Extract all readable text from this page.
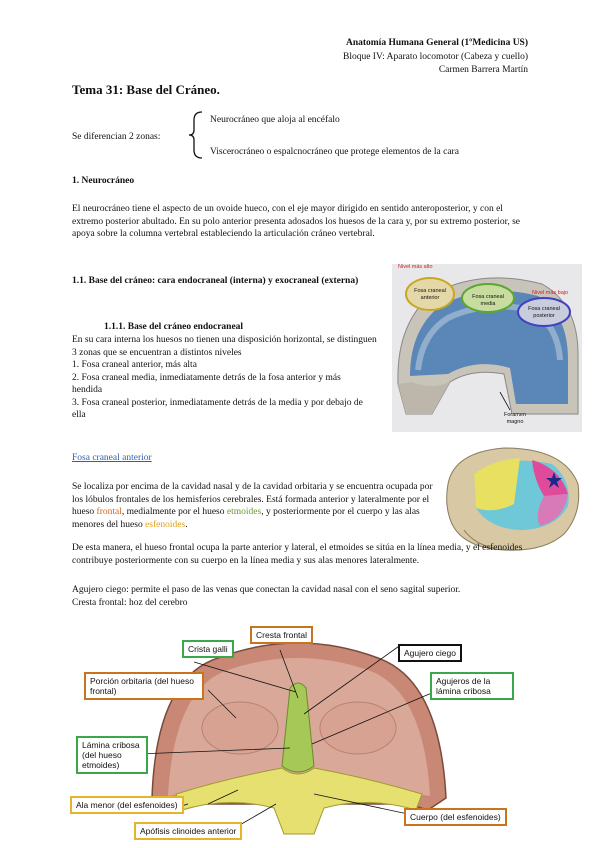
Anatomía Humana General (1ºMedicina US)
Bloque IV: Aparato locomotor (Cabeza y cuello)
Carmen Barrera Martín
Tema 31: Base del Cráneo.
Se diferencian 2 zonas:
Neurocráneo que aloja al encéfalo
Viscerocráneo o espalcnocráneo que protege elementos de la cara
1. Neurocráneo
El neurocráneo tiene el aspecto de un ovoide hueco, con el eje mayor dirigido en sentido anteroposterior, y con el extremo posterior abultado. En su polo anterior presenta adosados los huesos de la cara y, por su extremo posterior, se apoya sobre la columna vertebral estableciendo la articulación cráneo vertebral.
1.1. Base del cráneo: cara endocraneal (interna) y exocraneal (externa)
1.1.1. Base del cráneo endocraneal
En su cara interna los huesos no tienen una disposición horizontal, se distinguen 3 zonas que se encuentran a distintos niveles
1. Fosa craneal anterior, más alta
2. Fosa craneal media, inmediatamente detrás de la fosa anterior y más hendida
3. Fosa craneal posterior, inmediatamente detrás de la media y por debajo de ella
Nivel más alto
Nivel más bajo
Fosa craneal anterior	Fosa craneal media
Fosa craneal posterior
Foramen magno
Fosa craneal anterior
Se localiza por encima de la cavidad nasal y de la cavidad orbitaria y se encuentra ocupada por los lóbulos frontales de los hemisferios cerebrales. Está formada anterior y lateralmente por el hueso frontal, medialmente por el hueso etmoides, y posteriormente por el cuerpo y las alas menores del hueso esfenoides.
De esta manera, el hueso frontal ocupa la parte anterior y lateral, el etmoides se sitúa en la línea media, y el esfenoides contribuye posteriormente con su cuerpo en la línea media y sus alas menores lateralmente.
Agujero ciego: permite el paso de las venas que conectan la cavidad nasal con el seno sagital superior.
Cresta frontal: hoz del cerebro
Cresta frontal
Crista galli	Agujero ciego
Porción orbitaria (del hueso frontal)
Agujeros de la lámina cribosa
Lámina cribosa (del hueso etmoides)
Ala menor (del esfenoides)
Cuerpo (del esfenoides)
Apófisis clinoides anterior
